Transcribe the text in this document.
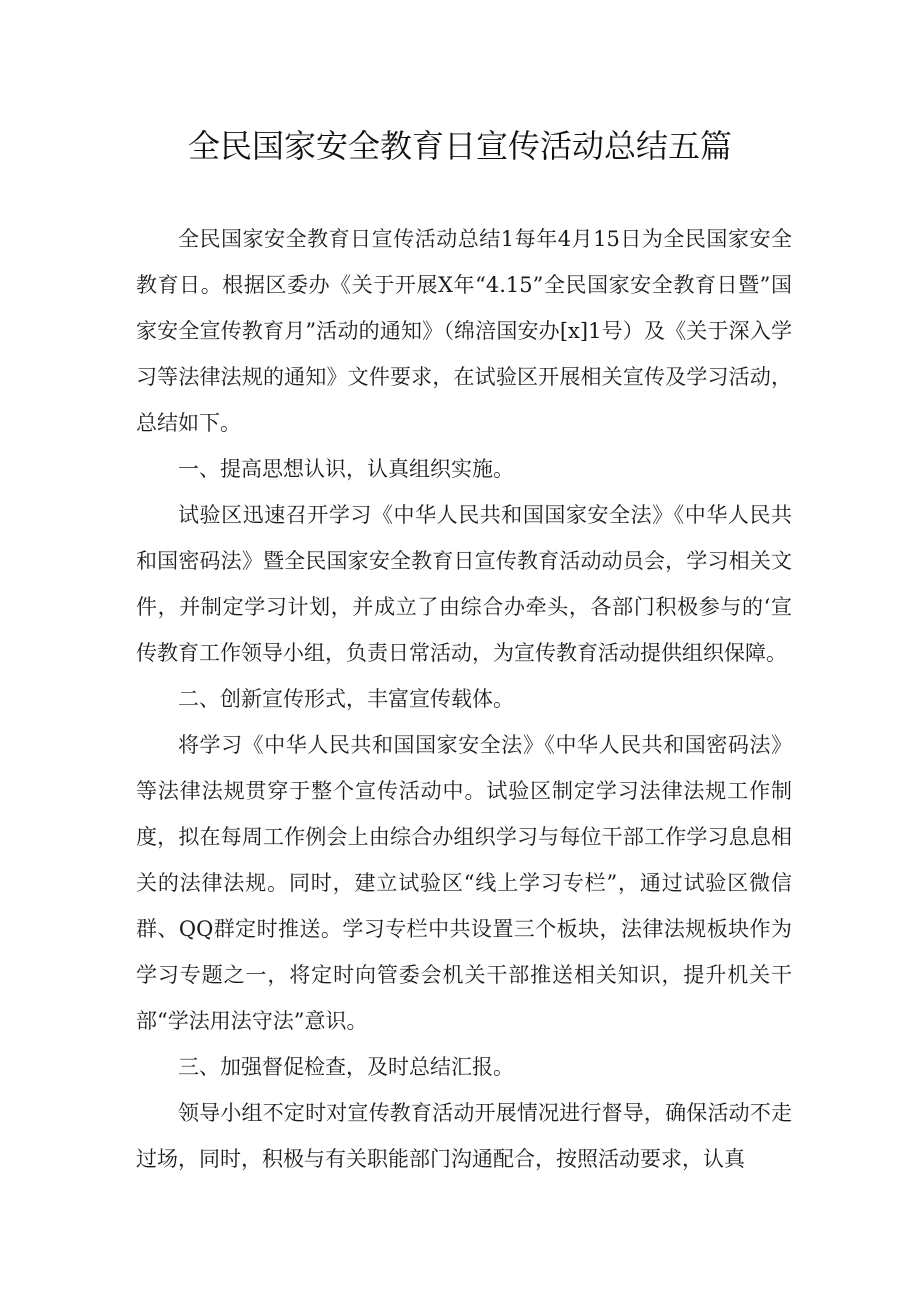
全民国家安全教育日宣传活动总结五篇

全民国家安全教育日宣传活动总结1每年4月15日为全民国家安全教育日。根据区委办《关于开展X年“4.15”全民国家安全教育日暨”国家安全宣传教育月”活动的通知》（绵涪国安办[x]1号）及《关于深入学习等法律法规的通知》文件要求，在试验区开展相关宣传及学习活动，总结如下。

一、提高思想认识，认真组织实施。

试验区迅速召开学习《中华人民共和国国家安全法》《中华人民共和国密码法》暨全民国家安全教育日宣传教育活动动员会，学习相关文件，并制定学习计划，并成立了由综合办牵头，各部门积极参与的‘宣传教育工作领导小组，负责日常活动，为宣传教育活动提供组织保障。

二、创新宣传形式，丰富宣传载体。

将学习《中华人民共和国国家安全法》《中华人民共和国密码法》等法律法规贯穿于整个宣传活动中。试验区制定学习法律法规工作制度，拟在每周工作例会上由综合办组织学习与每位干部工作学习息息相关的法律法规。同时，建立试验区“线上学习专栏”，通过试验区微信群、QQ群定时推送。学习专栏中共设置三个板块，法律法规板块作为学习专题之一，将定时向管委会机关干部推送相关知识，提升机关干部“学法用法守法”意识。

三、加强督促检查，及时总结汇报。

领导小组不定时对宣传教育活动开展情况进行督导，确保活动不走过场，同时，积极与有关职能部门沟通配合，按照活动要求，认真
